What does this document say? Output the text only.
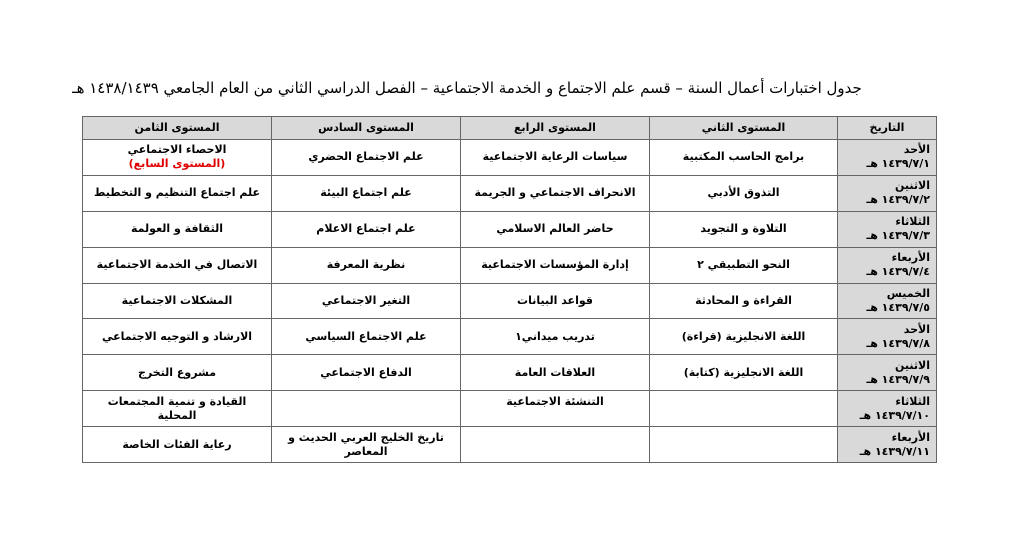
جدول اختبارات أعمال السنة – قسم علم الاجتماع و الخدمة الاجتماعية – الفصل الدراسي الثاني من العام الجامعي ١٤٣٨/١٤٣٩ هـ
التاريخ	المستوى الثاني	المستوى الرابع	المستوى السادس	المستوى الثامن

الأحد
١٤٣٩/٧/١ هـ	برامج الحاسب المكتبية	سياسات الرعاية الاجتماعية	علم الاجتماع الحضري	الاحصاء الاجتماعي
(المستوى السابع)

الاثنين
١٤٣٩/٧/٢ هـ	التذوق الأدبي	الانحراف الاجتماعي و الجريمة	علم اجتماع البيئة	علم اجتماع التنظيم و التخطيط

الثلاثاء
١٤٣٩/٧/٣ هـ	التلاوة و التجويد	حاضر العالم الاسلامي	علم اجتماع الاعلام	الثقافة و العولمة

الأربعاء
١٤٣٩/٧/٤ هـ	النحو التطبيقي ٢	إدارة المؤسسات الاجتماعية	نظرية المعرفة	الاتصال في الخدمة الاجتماعية

الخميس
١٤٣٩/٧/٥ هـ	القراءة و المحادثة	قواعد البيانات	التغير الاجتماعي	المشكلات الاجتماعية

الأحد
١٤٣٩/٧/٨ هـ	اللغة الانجليزية (قراءة)	تدريب ميداني١	علم الاجتماع السياسي	الارشاد و التوجيه الاجتماعي

الاثنين
١٤٣٩/٧/٩ هـ	اللغة الانجليزية (كتابة)	العلاقات العامة	الدفاع الاجتماعي	مشروع التخرج

الثلاثاء
١٤٣٩/٧/١٠ هـ		التنشئة الاجتماعية		القيادة و تنمية المجتمعات المحلية

الأربعاء
١٤٣٩/٧/١١ هـ			تاريخ الخليج العربي الحديث و المعاصر	رعاية الفئات الخاصة
